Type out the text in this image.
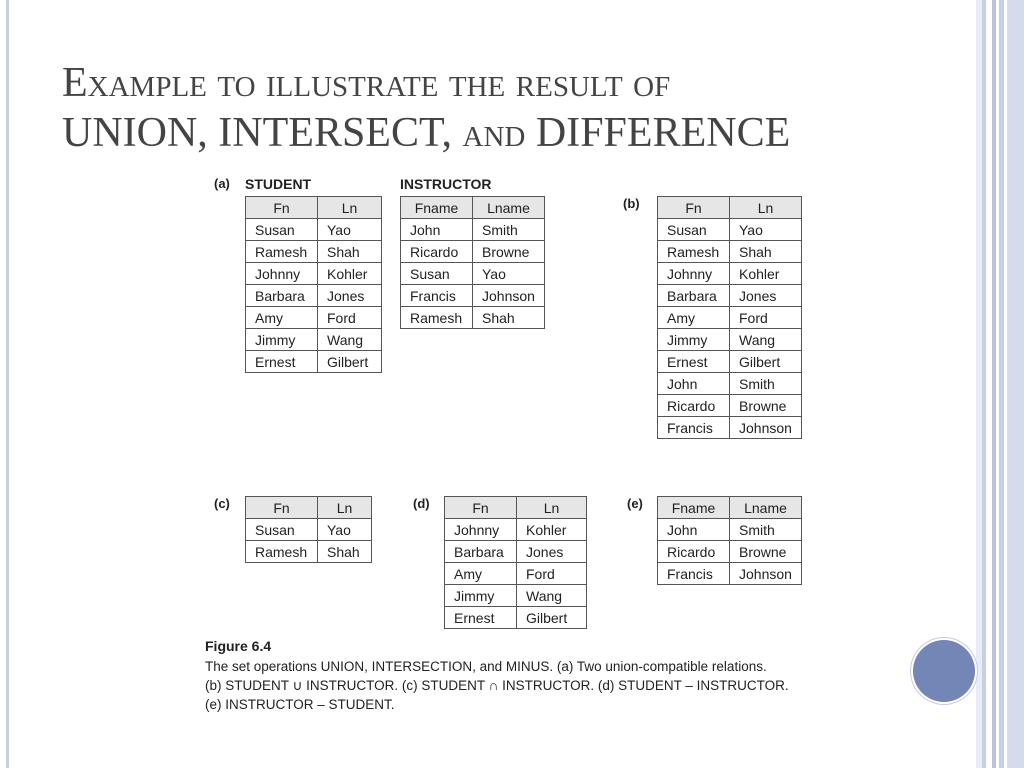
Example to illustrate the result of
UNION, INTERSECT, and DIFFERENCE
(a) STUDENT	INSTRUCTOR
(b)
(c)	(d)	(e)
Fn	Ln
Susan	Yao
Ramesh	Shah
Johnny	Kohler
Barbara	Jones
Amy	Ford
Jimmy	Wang
Ernest	Gilbert
Fname	Lname
John	Smith
Ricardo	Browne
Susan	Yao
Francis	Johnson
Ramesh	Shah
Fn	Ln
Susan	Yao
Ramesh	Shah
Johnny	Kohler
Barbara	Jones
Amy	Ford
Jimmy	Wang
Ernest	Gilbert
John	Smith
Ricardo	Browne
Francis	Johnson
Fn	Ln
Susan	Yao
Ramesh	Shah
Fn	Ln
Johnny	Kohler
Barbara	Jones
Amy	Ford
Jimmy	Wang
Ernest	Gilbert
Fname	Lname
John	Smith
Ricardo	Browne
Francis	Johnson
Figure 6.4
The set operations UNION, INTERSECTION, and MINUS. (a) Two union-compatible relations.
(b) STUDENT ∪ INSTRUCTOR. (c) STUDENT ∩ INSTRUCTOR. (d) STUDENT – INSTRUCTOR.
(e) INSTRUCTOR – STUDENT.
